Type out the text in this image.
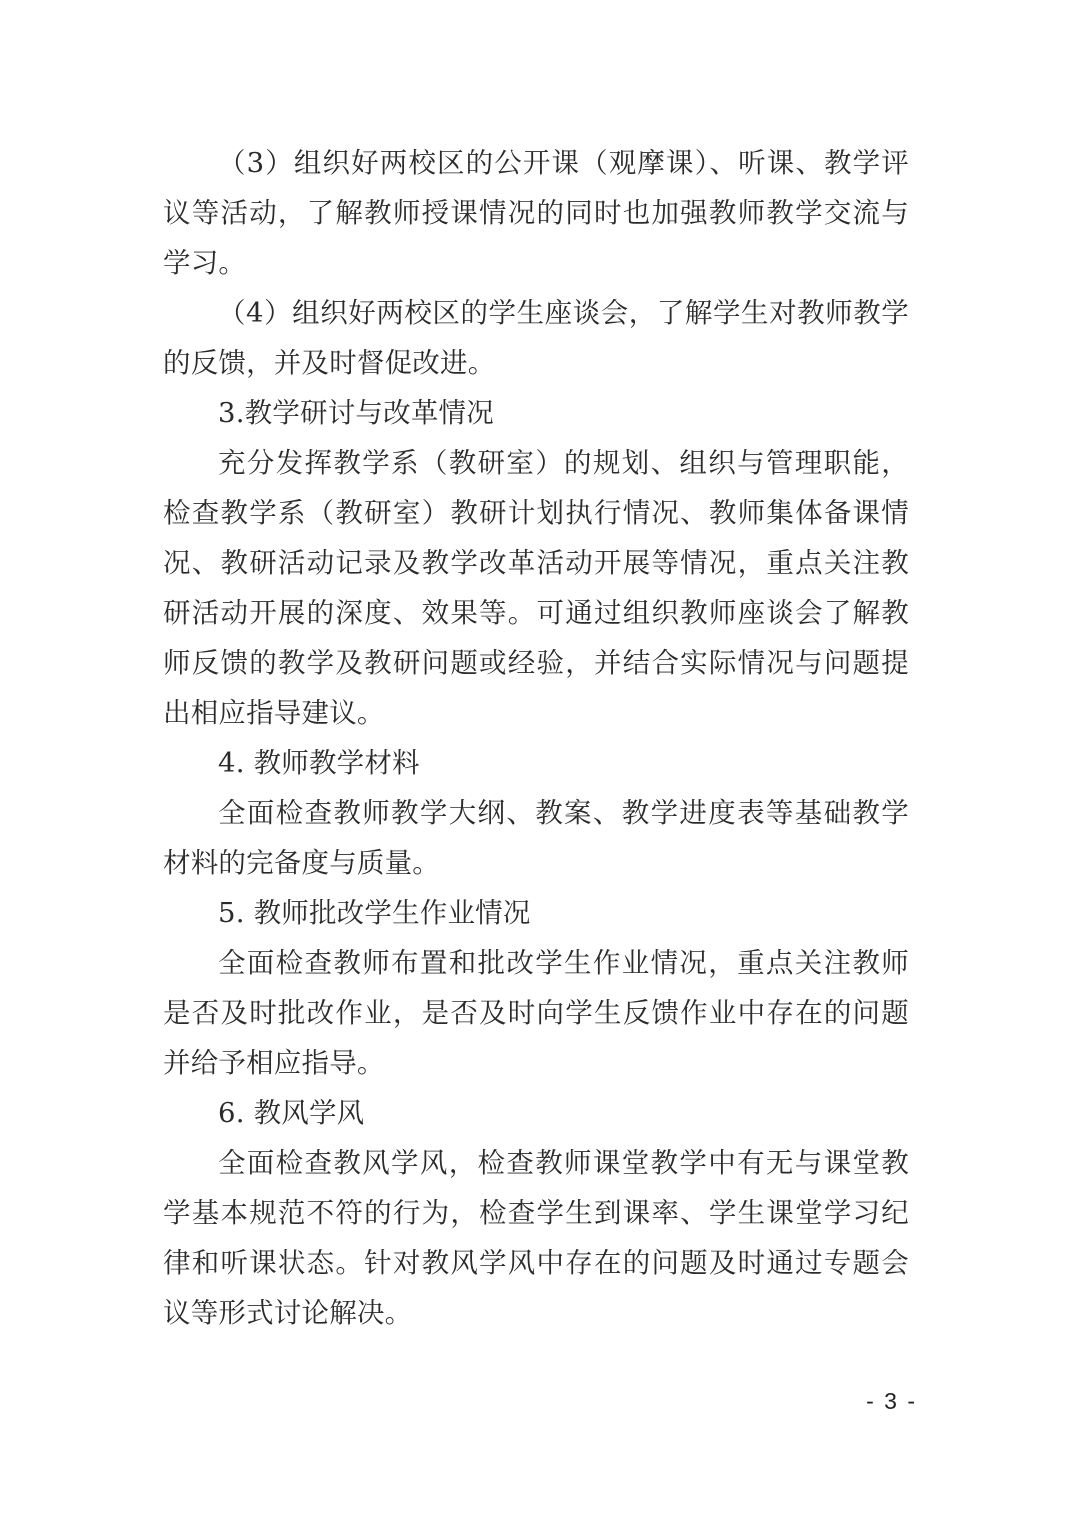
（3）组织好两校区的公开课（观摩课）、听课、教学评议等活动，了解教师授课情况的同时也加强教师教学交流与学习。

（4）组织好两校区的学生座谈会，了解学生对教师教学的反馈，并及时督促改进。

3.教学研讨与改革情况

充分发挥教学系（教研室）的规划、组织与管理职能，检查教学系（教研室）教研计划执行情况、教师集体备课情况、教研活动记录及教学改革活动开展等情况，重点关注教研活动开展的深度、效果等。可通过组织教师座谈会了解教师反馈的教学及教研问题或经验，并结合实际情况与问题提出相应指导建议。

4. 教师教学材料

全面检查教师教学大纲、教案、教学进度表等基础教学材料的完备度与质量。

5. 教师批改学生作业情况

全面检查教师布置和批改学生作业情况，重点关注教师是否及时批改作业，是否及时向学生反馈作业中存在的问题并给予相应指导。

6. 教风学风

全面检查教风学风，检查教师课堂教学中有无与课堂教学基本规范不符的行为，检查学生到课率、学生课堂学习纪律和听课状态。针对教风学风中存在的问题及时通过专题会议等形式讨论解决。

- 3 -
